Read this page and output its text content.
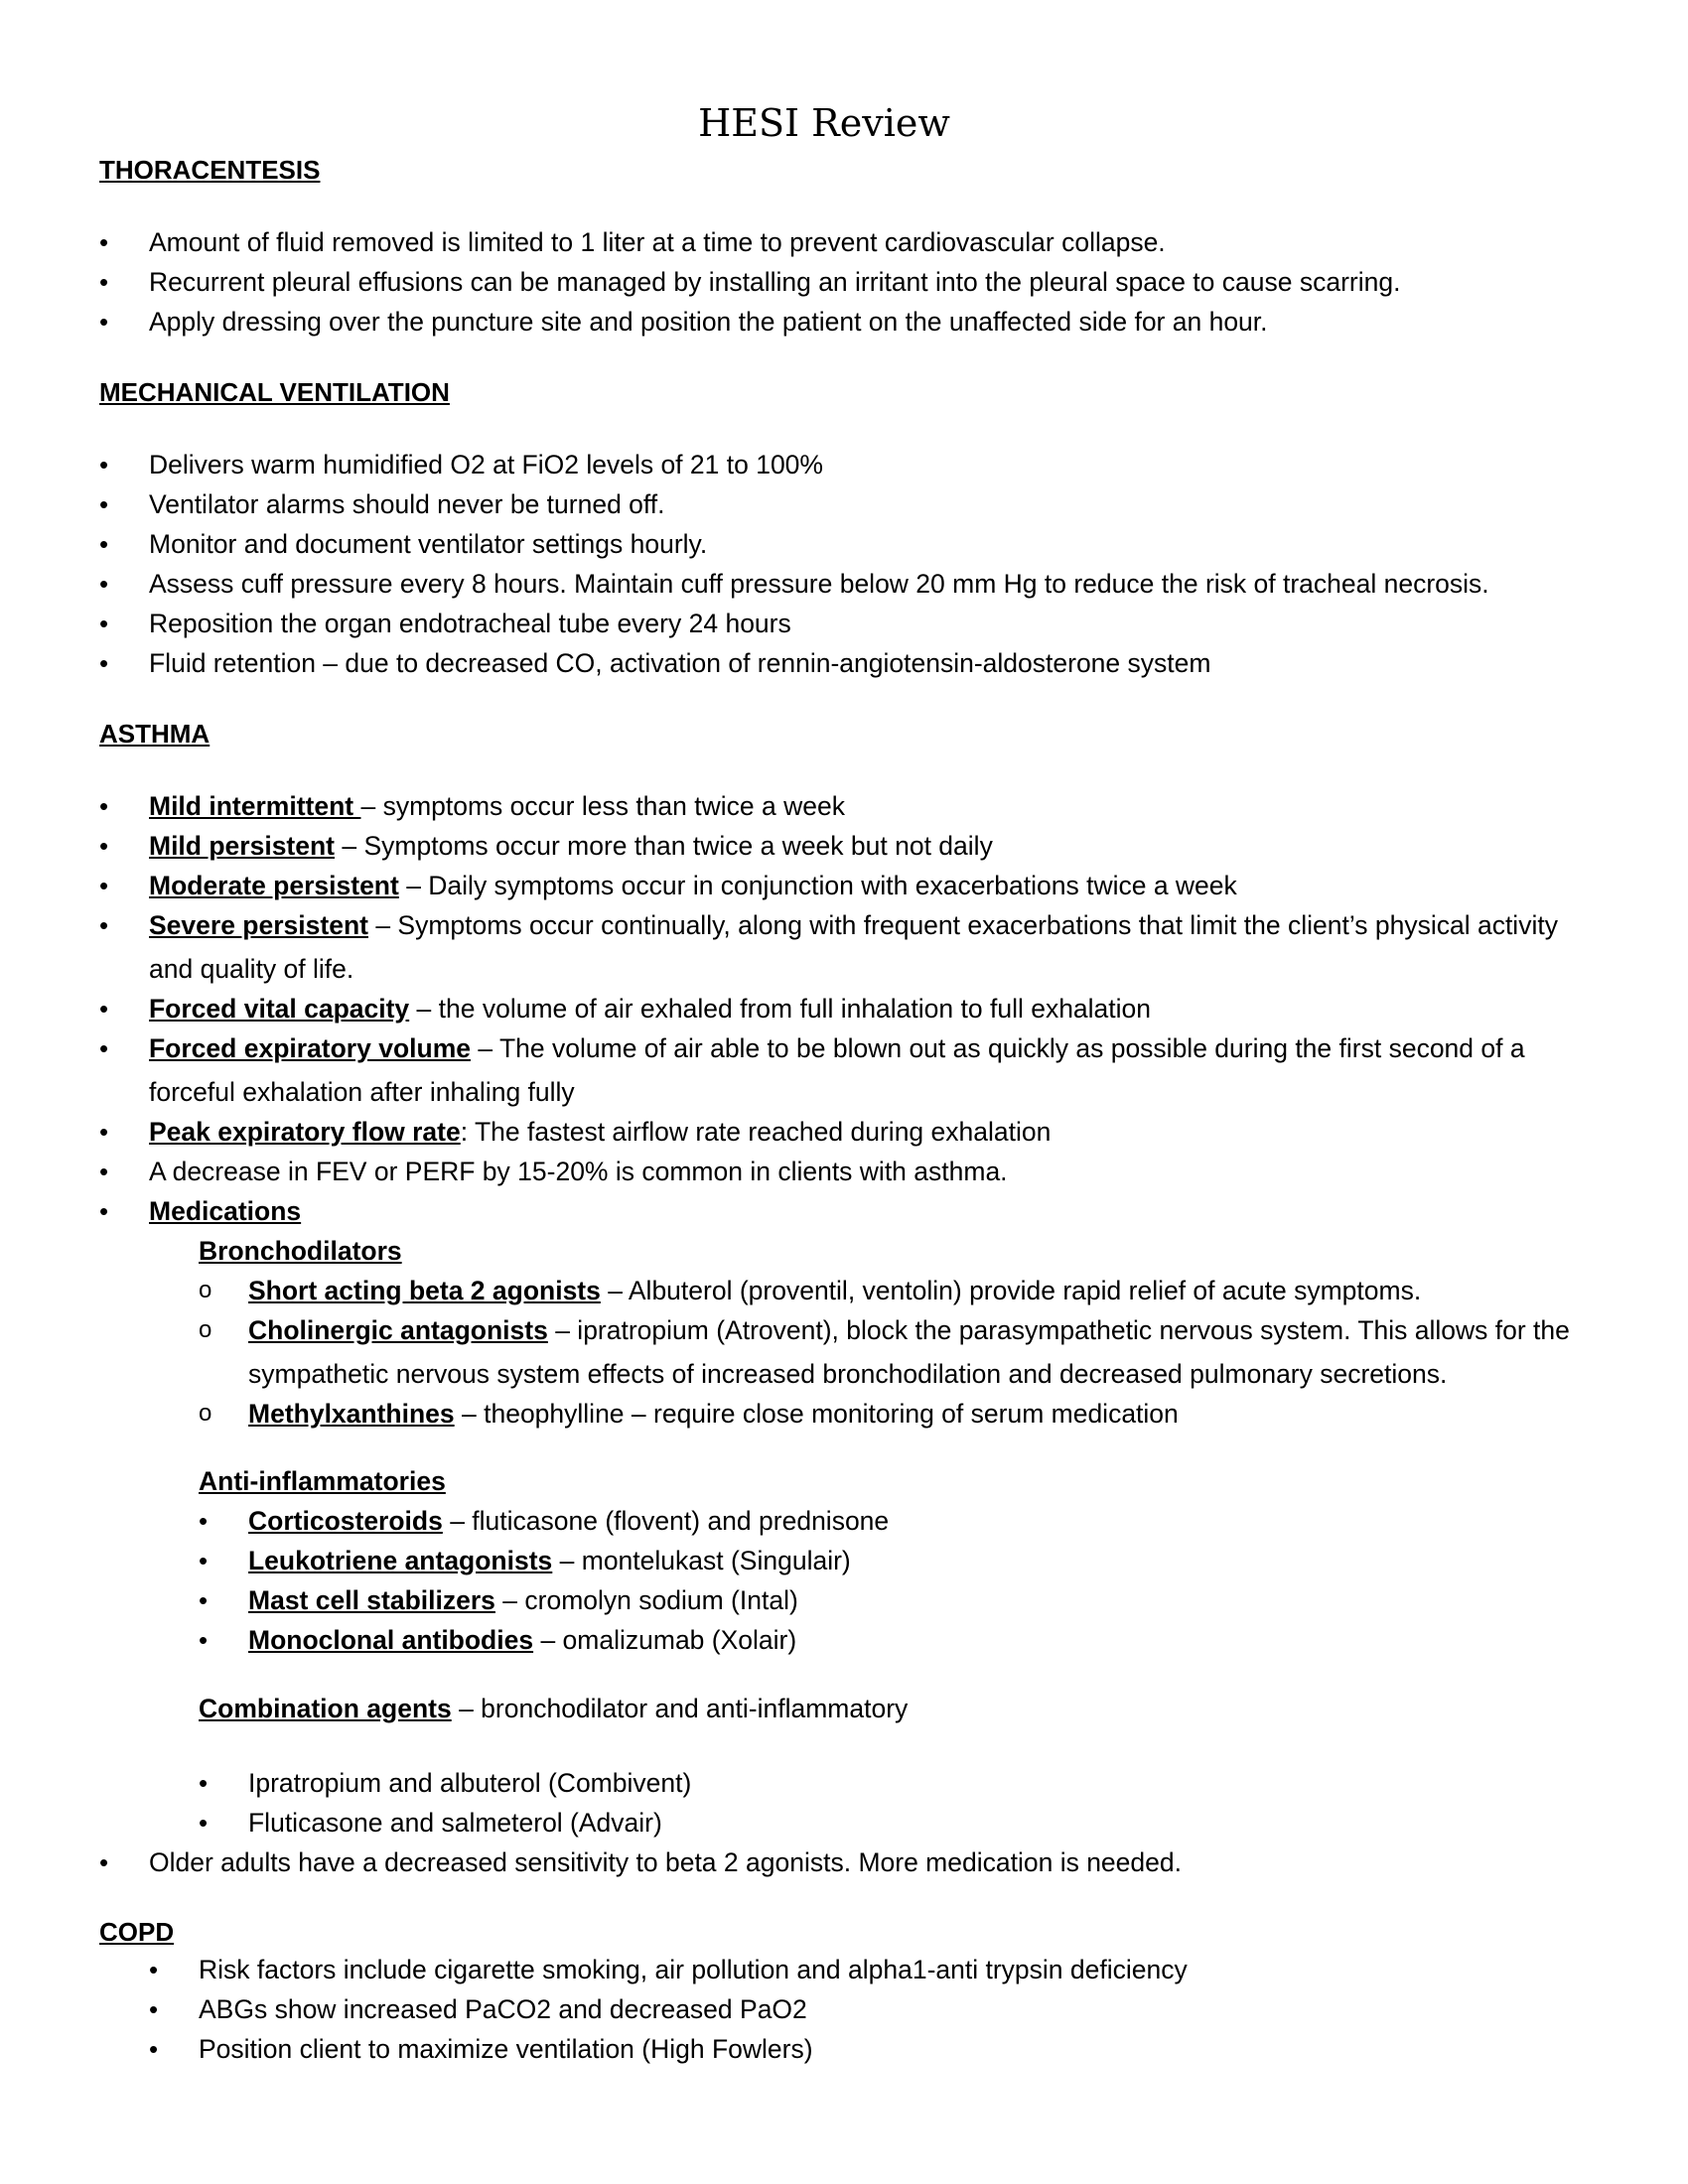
HESI Review
THORACENTESIS
• Amount of fluid removed is limited to 1 liter at a time to prevent cardiovascular collapse.
• Recurrent pleural effusions can be managed by installing an irritant into the pleural space to cause scarring.
• Apply dressing over the puncture site and position the patient on the unaffected side for an hour.
MECHANICAL VENTILATION
• Delivers warm humidified O2 at FiO2 levels of 21 to 100%
• Ventilator alarms should never be turned off.
• Monitor and document ventilator settings hourly.
• Assess cuff pressure every 8 hours. Maintain cuff pressure below 20 mm Hg to reduce the risk of tracheal necrosis.
• Reposition the organ endotracheal tube every 24 hours
• Fluid retention – due to decreased CO, activation of rennin-angiotensin-aldosterone system
ASTHMA
• Mild intermittent – symptoms occur less than twice a week
• Mild persistent – Symptoms occur more than twice a week but not daily
• Moderate persistent – Daily symptoms occur in conjunction with exacerbations twice a week
• Severe persistent – Symptoms occur continually, along with frequent exacerbations that limit the client’s physical activity and quality of life.
• Forced vital capacity – the volume of air exhaled from full inhalation to full exhalation
• Forced expiratory volume – The volume of air able to be blown out as quickly as possible during the first second of a forceful exhalation after inhaling fully
• Peak expiratory flow rate: The fastest airflow rate reached during exhalation
• A decrease in FEV or PERF by 15-20% is common in clients with asthma.
• Medications
Bronchodilators
o Short acting beta 2 agonists – Albuterol (proventil, ventolin) provide rapid relief of acute symptoms.
o Cholinergic antagonists – ipratropium (Atrovent), block the parasympathetic nervous system. This allows for the sympathetic nervous system effects of increased bronchodilation and decreased pulmonary secretions.
o Methylxanthines – theophylline – require close monitoring of serum medication
Anti-inflammatories
• Corticosteroids – fluticasone (flovent) and prednisone
• Leukotriene antagonists – montelukast (Singulair)
• Mast cell stabilizers – cromolyn sodium (Intal)
• Monoclonal antibodies – omalizumab (Xolair)
Combination agents – bronchodilator and anti-inflammatory
• Ipratropium and albuterol (Combivent)
• Fluticasone and salmeterol (Advair)
• Older adults have a decreased sensitivity to beta 2 agonists. More medication is needed.
COPD
• Risk factors include cigarette smoking, air pollution and alpha1-anti trypsin deficiency
• ABGs show increased PaCO2 and decreased PaO2
• Position client to maximize ventilation (High Fowlers)
